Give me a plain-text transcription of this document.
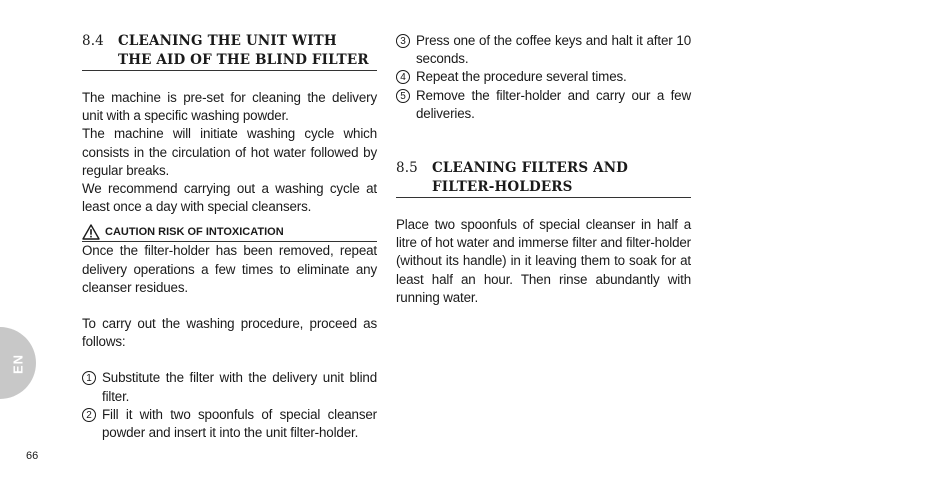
EN
66
8.4	CLEANING THE UNIT WITH
THE AID OF THE BLIND FILTER
The machine is pre-set for cleaning the delivery unit with a specific washing powder.
The machine will initiate washing cycle which consists in the circulation of hot water followed by regular breaks.
We recommend carrying out a washing cycle at least once a day with special cleansers.
CAUTION RISK OF INTOXICATION
Once the filter-holder has been removed, repeat delivery operations a few times to eliminate any cleanser residues.
To carry out the washing procedure, proceed as follows:
1 Substitute the filter with the delivery unit blind filter.
2 Fill it with two spoonfuls of special cleanser powder and insert it into the unit filter-holder.
3 Press one of the coffee keys and halt it after 10 seconds.
4 Repeat the procedure several times.
5 Remove the filter-holder and carry our a few deliveries.
8.5	CLEANING FILTERS AND
FILTER-HOLDERS
Place two spoonfuls of special cleanser in half a litre of hot water and immerse filter and filter-holder (without its handle) in it leaving them to soak for at least half an hour. Then rinse abundantly with running water.
